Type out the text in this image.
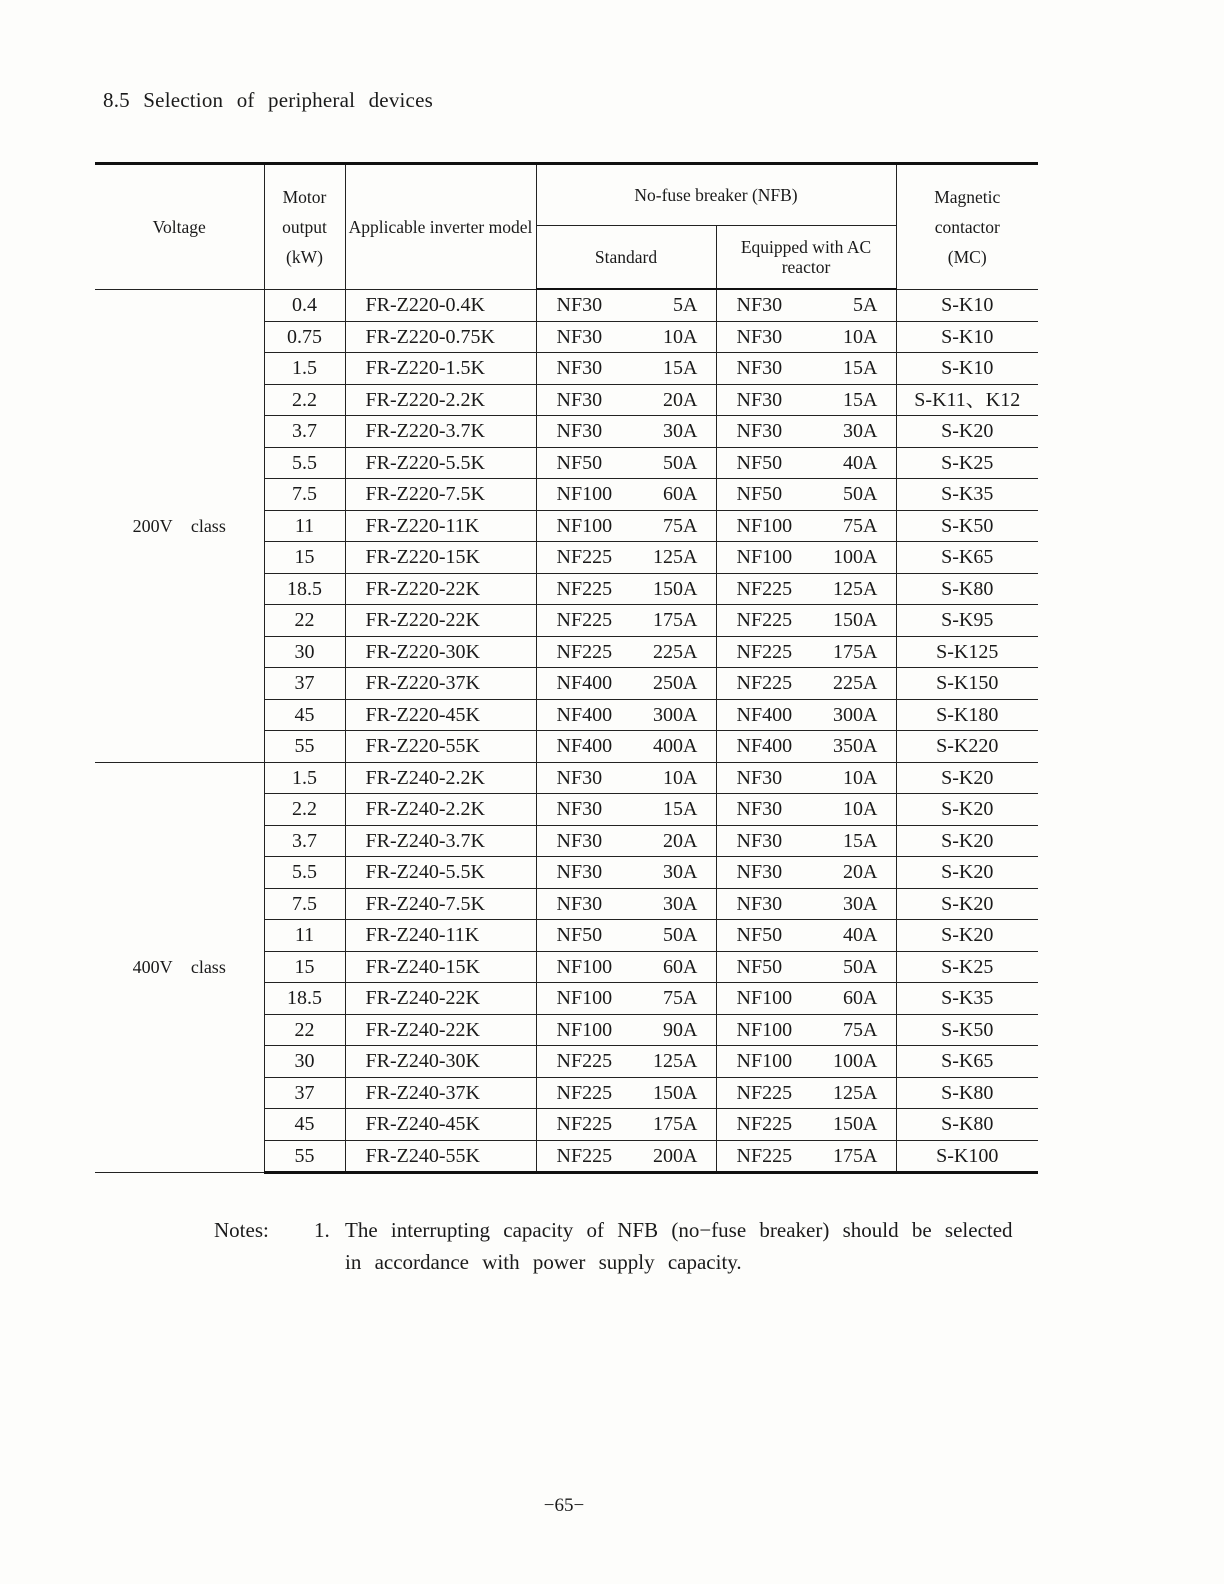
8.5 Selection of peripheral devices
Voltage	Motor output (kW)	Applicable inverter model	No-fuse breaker (NFB)		Magnetic contactor (MC)
			Standard	Equipped with AC reactor	
200V class	0.4	FR-Z220-0.4K	NF30 5A	NF30 5A	S-K10
	0.75	FR-Z220-0.75K	NF30 10A	NF30 10A	S-K10
	1.5	FR-Z220-1.5K	NF30 15A	NF30 15A	S-K10
	2.2	FR-Z220-2.2K	NF30 20A	NF30 15A	S-K11、K12
	3.7	FR-Z220-3.7K	NF30 30A	NF30 30A	S-K20
	5.5	FR-Z220-5.5K	NF50 50A	NF50 40A	S-K25
	7.5	FR-Z220-7.5K	NF100 60A	NF50 50A	S-K35
	11	FR-Z220-11K	NF100 75A	NF100 75A	S-K50
	15	FR-Z220-15K	NF225 125A	NF100 100A	S-K65
	18.5	FR-Z220-22K	NF225 150A	NF225 125A	S-K80
	22	FR-Z220-22K	NF225 175A	NF225 150A	S-K95
	30	FR-Z220-30K	NF225 225A	NF225 175A	S-K125
	37	FR-Z220-37K	NF400 250A	NF225 225A	S-K150
	45	FR-Z220-45K	NF400 300A	NF400 300A	S-K180
	55	FR-Z220-55K	NF400 400A	NF400 350A	S-K220
400V class	1.5	FR-Z240-2.2K	NF30 10A	NF30 10A	S-K20
	2.2	FR-Z240-2.2K	NF30 15A	NF30 10A	S-K20
	3.7	FR-Z240-3.7K	NF30 20A	NF30 15A	S-K20
	5.5	FR-Z240-5.5K	NF30 30A	NF30 20A	S-K20
	7.5	FR-Z240-7.5K	NF30 30A	NF30 30A	S-K20
	11	FR-Z240-11K	NF50 50A	NF50 40A	S-K20
	15	FR-Z240-15K	NF100 60A	NF50 50A	S-K25
	18.5	FR-Z240-22K	NF100 75A	NF100 60A	S-K35
	22	FR-Z240-22K	NF100 90A	NF100 75A	S-K50
	30	FR-Z240-30K	NF225 125A	NF100 100A	S-K65
	37	FR-Z240-37K	NF225 150A	NF225 125A	S-K80
	45	FR-Z240-45K	NF225 175A	NF225 150A	S-K80
	55	FR-Z240-55K	NF225 200A	NF225 175A	S-K100
Notes:	1. The interrupting capacity of NFB (no−fuse breaker) should be selected in accordance with power supply capacity.
−65−
